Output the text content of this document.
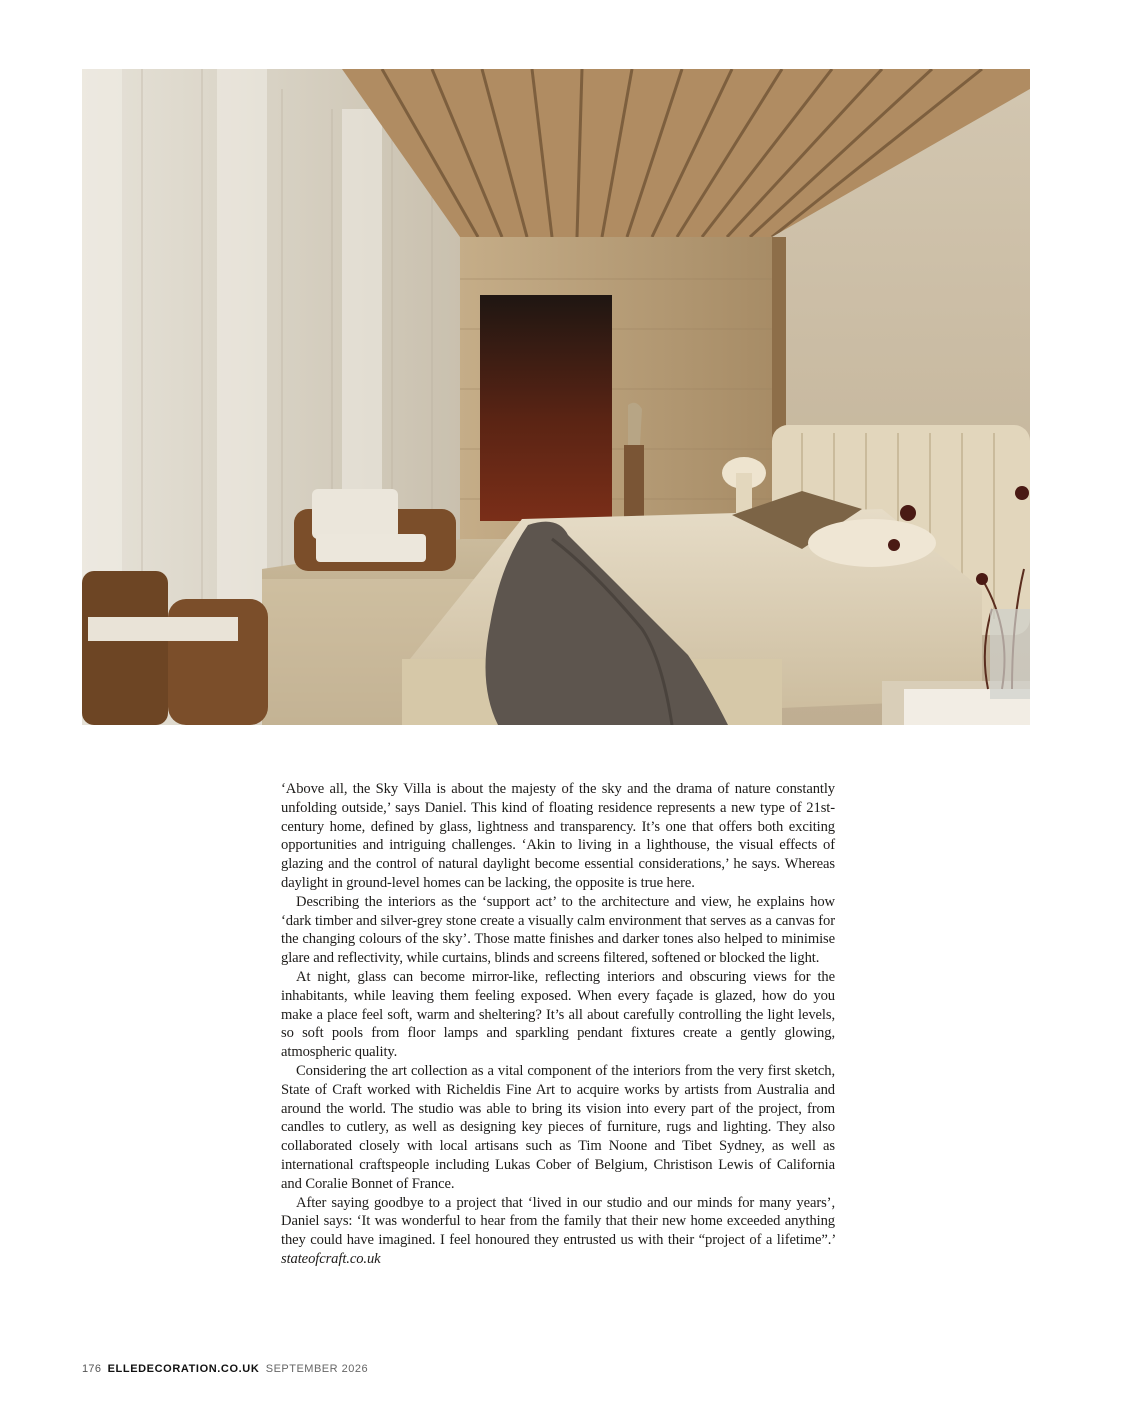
‘Above all, the Sky Villa is about the majesty of the sky and the drama of nature constantly unfolding outside,’ says Daniel. This kind of floating residence represents a new type of 21st-century home, defined by glass, lightness and transparency. It’s one that offers both exciting opportunities and intriguing challenges. ‘Akin to living in a lighthouse, the visual effects of glazing and the control of natural daylight become essential considerations,’ he says. Whereas daylight in ground-level homes can be lacking, the opposite is true here.

Describing the interiors as the ‘support act’ to the architecture and view, he explains how ‘dark timber and silver-grey stone create a visually calm environment that serves as a canvas for the changing colours of the sky’. Those matte finishes and darker tones also helped to minimise glare and reflectivity, while curtains, blinds and screens filtered, softened or blocked the light.

At night, glass can become mirror-like, reflecting interiors and obscuring views for the inhabitants, while leaving them feeling exposed. When every façade is glazed, how do you make a place feel soft, warm and sheltering? It’s all about carefully controlling the light levels, so soft pools from floor lamps and sparkling pendant fixtures create a gently glowing, atmospheric quality.

Considering the art collection as a vital component of the interiors from the very first sketch, State of Craft worked with Richeldis Fine Art to acquire works by artists from Australia and around the world. The studio was able to bring its vision into every part of the project, from candles to cutlery, as well as designing key pieces of furniture, rugs and lighting. They also collaborated closely with local artisans such as Tim Noone and Tibet Sydney, as well as international craftspeople including Lukas Cober of Belgium, Christison Lewis of California and Coralie Bonnet of France.

After saying goodbye to a project that ‘lived in our studio and our minds for many years’, Daniel says: ‘It was wonderful to hear from the family that their new home exceeded anything they could have imagined. I feel honoured they entrusted us with their “project of a lifetime”.’ stateofcraft.co.uk

176 ELLEDECORATION.CO.UK SEPTEMBER 2026
